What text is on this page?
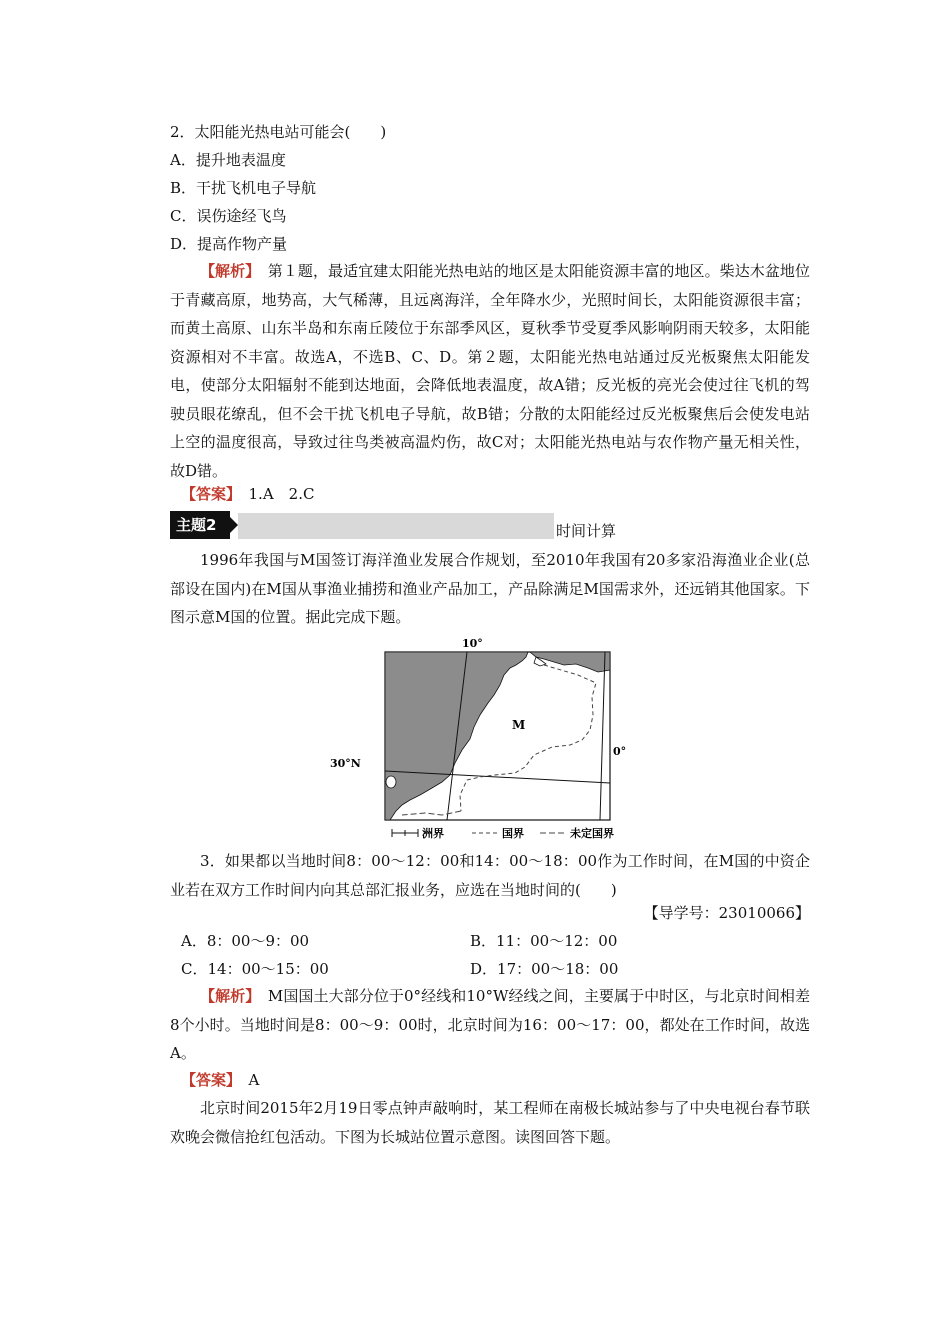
2．太阳能光热电站可能会(　　)
A．提升地表温度
B．干扰飞机电子导航
C．误伤途经飞鸟
D．提高作物产量
【解析】　第１题，最适宜建太阳能光热电站的地区是太阳能资源丰富的地区。柴达木盆地位于青藏高原，地势高，大气稀薄，且远离海洋，全年降水少，光照时间长，太阳能资源很丰富；而黄土高原、山东半岛和东南丘陵位于东部季风区，夏秋季节受夏季风影响阴雨天较多，太阳能资源相对不丰富。故选A，不选B、C、D。第２题，太阳能光热电站通过反光板聚焦太阳能发电，使部分太阳辐射不能到达地面，会降低地表温度，故A错；反光板的亮光会使过往飞机的驾驶员眼花缭乱，但不会干扰飞机电子导航，故B错；分散的太阳能经过反光板聚焦后会使发电站上空的温度很高，导致过往鸟类被高温灼伤，故C对；太阳能光热电站与农作物产量无相关性，故D错。
【答案】　1.A　2.C
主题2	时间计算
1996年我国与M国签订海洋渔业发展合作规划，至2010年我国有20多家沿海渔业企业(总部设在国内)在M国从事渔业捕捞和渔业产品加工，产品除满足M国需求外，还远销其他国家。下图示意M国的位置。据此完成下题。
10°
0°
30°N
M
洲界	国界	未定国界
3．如果都以当地时间8：00～12：00和14：00～18：00作为工作时间，在M国的中资企业若在双方工作时间内向其总部汇报业务，应选在当地时间的(　　)
【导学号：23010066】
A．8：00～9：00	B．11：00～12：00
C．14：00～15：00	D．17：00～18：00
【解析】　M国国土大部分位于0°经线和10°W经线之间，主要属于中时区，与北京时间相差8个小时。当地时间是8：00～9：00时，北京时间为16：00～17：00，都处在工作时间，故选A。
【答案】　A
北京时间2015年2月19日零点钟声敲响时，某工程师在南极长城站参与了中央电视台春节联欢晚会微信抢红包活动。下图为长城站位置示意图。读图回答下题。
